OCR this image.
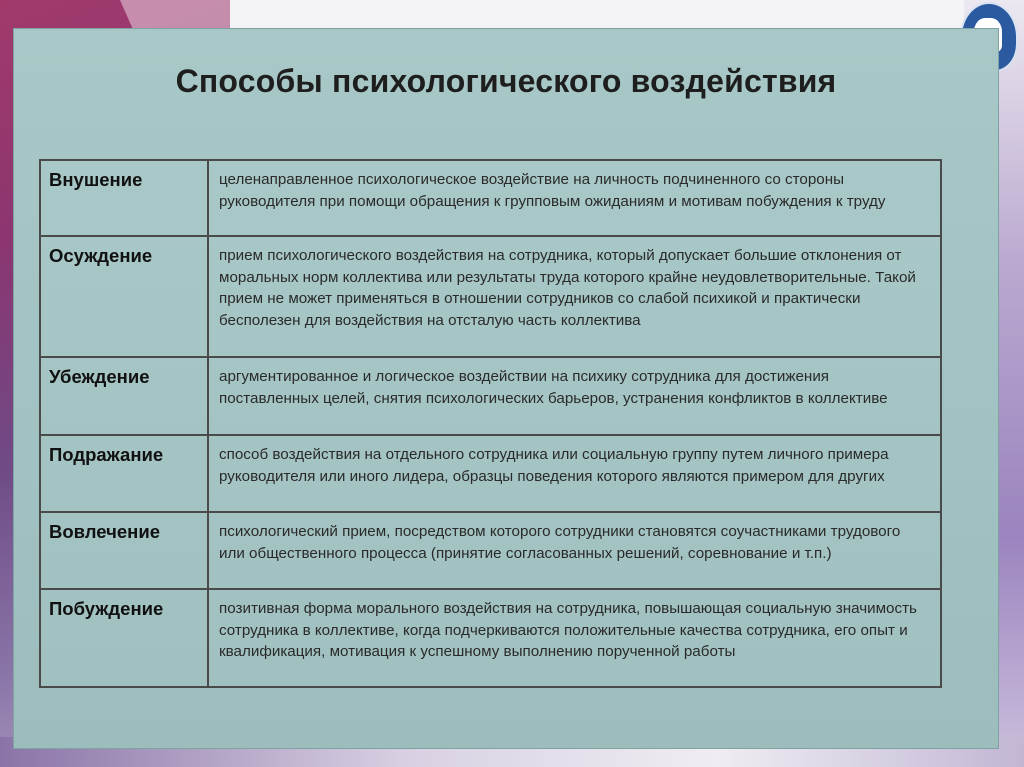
Способы психологического воздействия
Внушение	целенаправленное психологическое воздействие на личность подчиненного со стороны руководителя при помощи обращения к групповым ожиданиям и мотивам побуждения к труду
Осуждение	прием психологического воздействия на сотрудника, который допускает большие отклонения от моральных норм коллектива или результаты труда которого крайне неудовлетворительные. Такой прием не может применяться в отношении сотрудников со слабой психикой и практически бесполезен для воздействия на отсталую часть коллектива
Убеждение	аргументированное и логическое воздействии на психику сотрудника для достижения поставленных целей, снятия психологических барьеров, устранения конфликтов в коллективе
Подражание	способ воздействия на отдельного сотрудника или социальную группу путем личного примера руководителя или иного лидера, образцы поведения которого являются примером для других
Вовлечение	психологический прием, посредством которого сотрудники становятся соучастниками трудового или общественного процесса (принятие согласованных решений, соревнование и т.п.)
Побуждение	позитивная форма морального воздействия на сотрудника, повышающая социальную значимость сотрудника в коллективе, когда подчеркиваются положительные качества сотрудника, его опыт и квалификация, мотивация к успешному выполнению порученной работы
